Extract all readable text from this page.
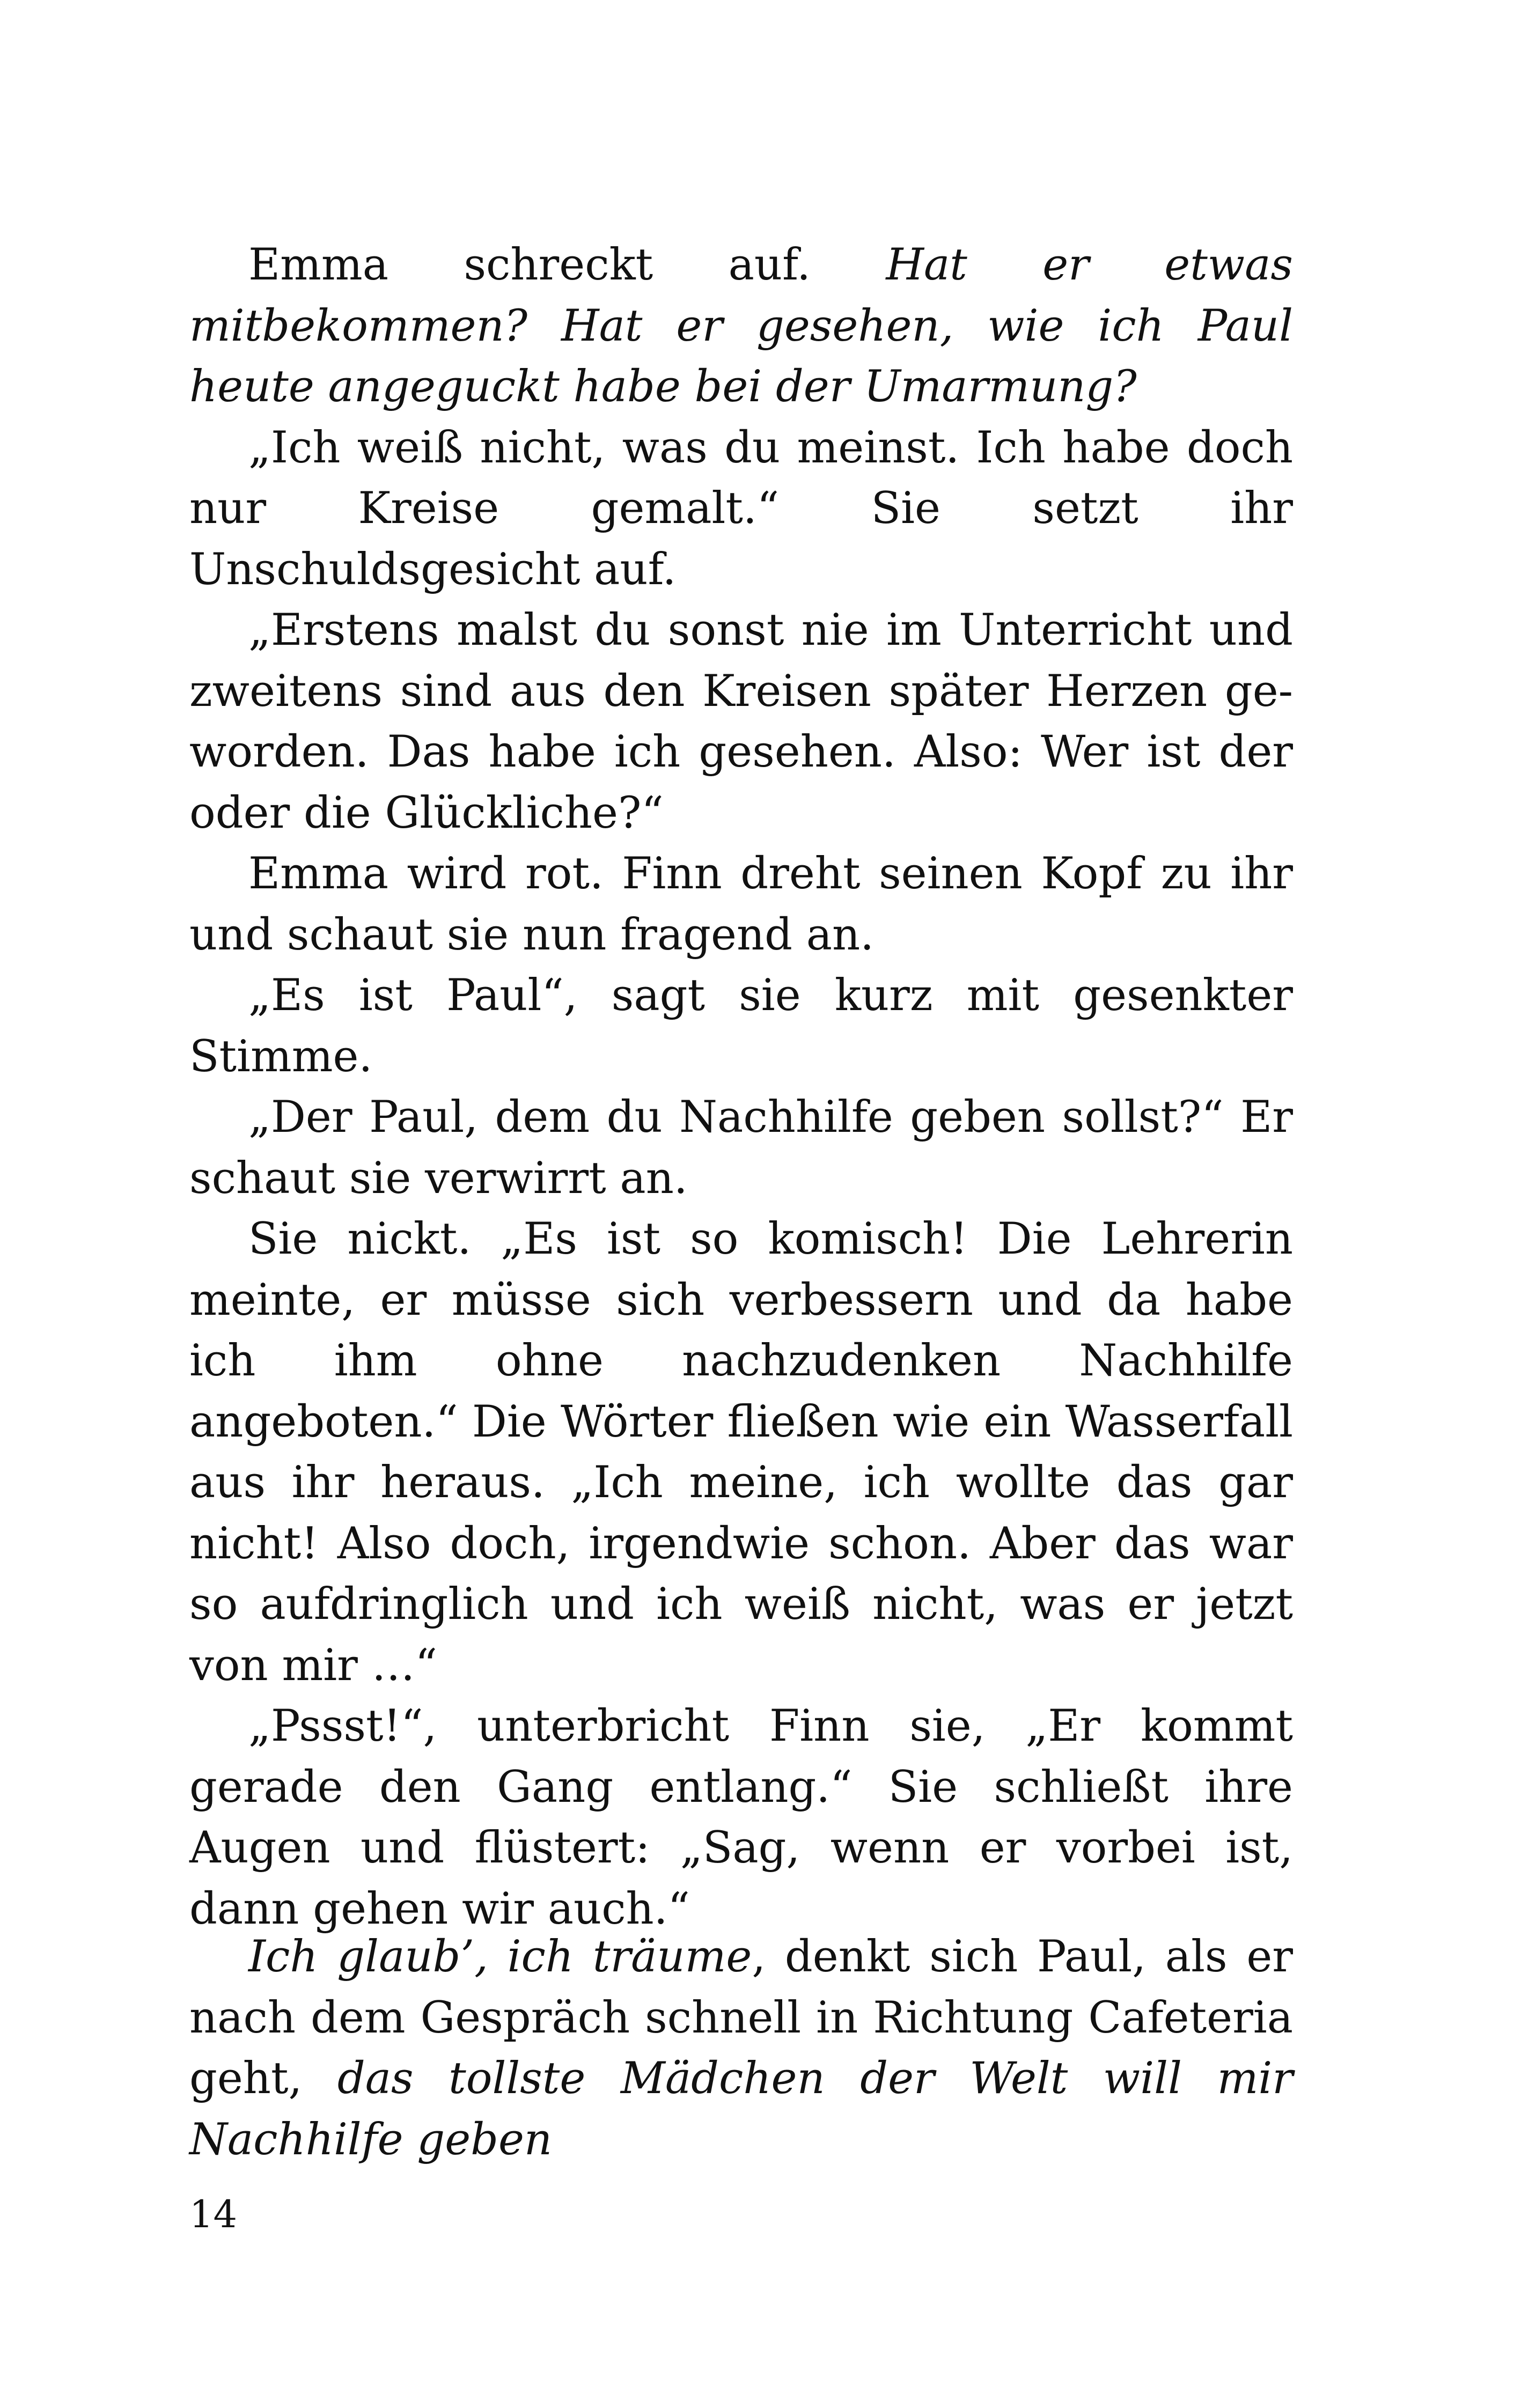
Emma schreckt auf. Hat er etwas mitbekommen? Hat er gesehen, wie ich Paul heute angeguckt habe bei der Umarmung?

„Ich weiß nicht, was du meinst. Ich habe doch nur Kreise gemalt.“ Sie setzt ihr Unschuldsgesicht auf.

„Erstens malst du sonst nie im Unterricht und zweitens sind aus den Kreisen später Herzen geworden. Das habe ich gesehen. Also: Wer ist der oder die Glückliche?“

Emma wird rot. Finn dreht seinen Kopf zu ihr und schaut sie nun fragend an.

„Es ist Paul“, sagt sie kurz mit gesenkter Stimme.

„Der Paul, dem du Nachhilfe geben sollst?“ Er schaut sie verwirrt an.

Sie nickt. „Es ist so komisch! Die Lehrerin meinte, er müsse sich verbessern und da habe ich ihm ohne nachzudenken Nachhilfe angeboten.“ Die Wörter fließen wie ein Wasserfall aus ihr heraus. „Ich meine, ich wollte das gar nicht! Also doch, irgendwie schon. Aber das war so aufdringlich und ich weiß nicht, was er jetzt von mir …“

„Pssst!“, unterbricht Finn sie, „Er kommt gerade den Gang entlang.“ Sie schließt ihre Augen und flüstert: „Sag, wenn er vorbei ist, dann gehen wir auch.“

Ich glaub’, ich träume, denkt sich Paul, als er nach dem Gespräch schnell in Richtung Cafeteria geht, das tollste Mädchen der Welt will mir Nachhilfe geben

14
